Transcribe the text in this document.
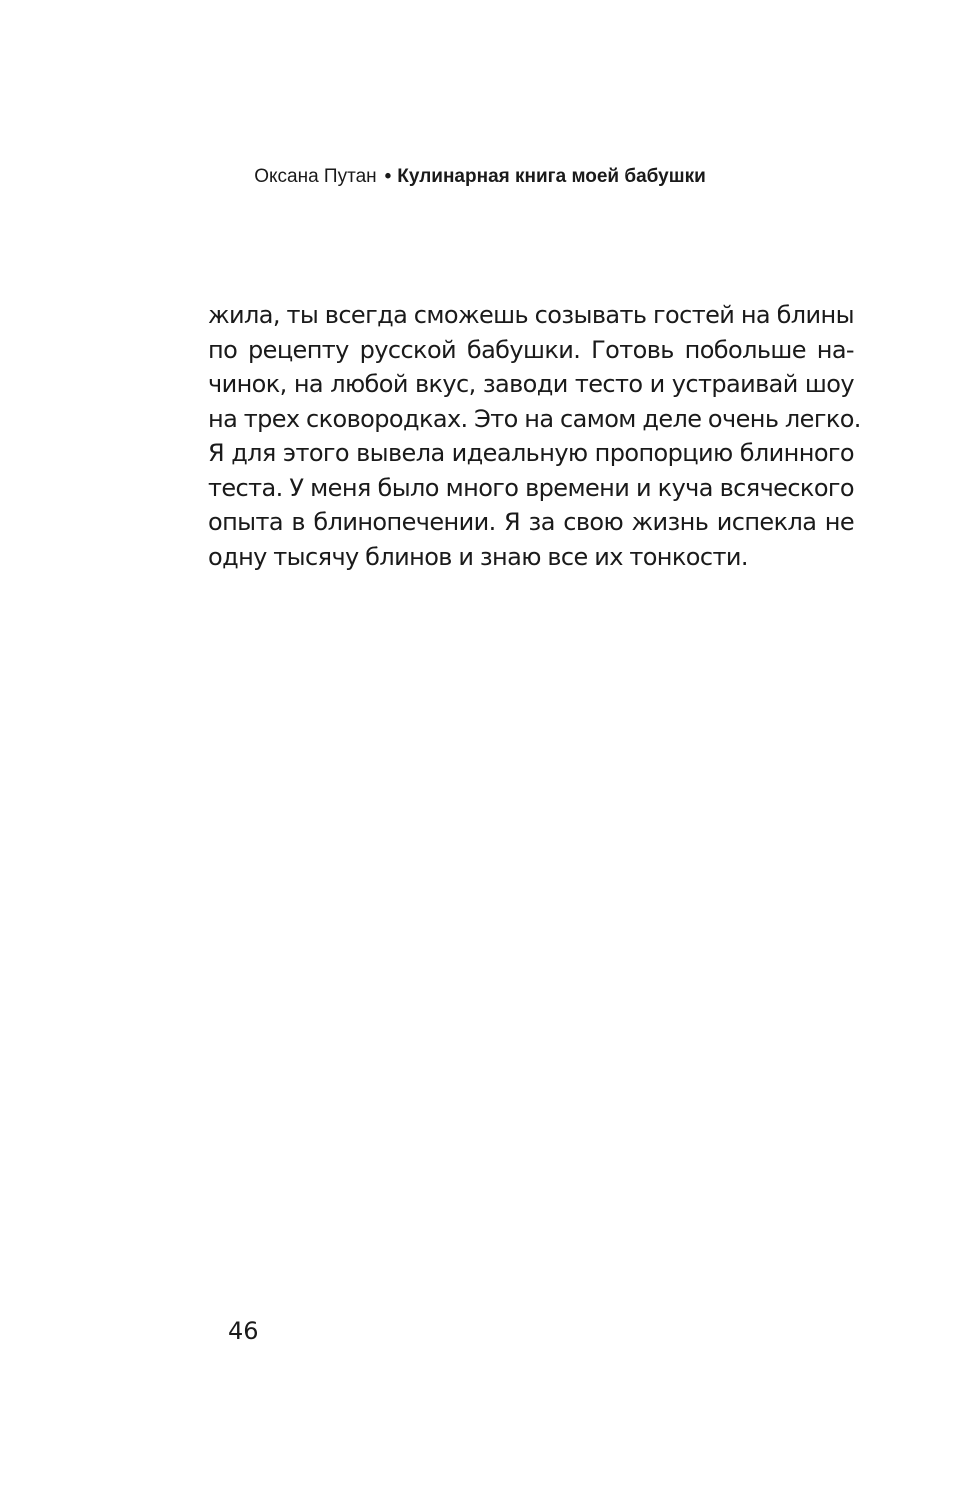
Оксана Путан • Кулинарная книга моей бабушки
жила, ты всегда сможешь созывать гостей на блины
по рецепту русской бабушки. Готовь побольше на-
чинок, на любой вкус, заводи тесто и устраивай шоу
на трех сковородках. Это на самом деле очень легко.
Я для этого вывела идеальную пропорцию блинного
теста. У меня было много времени и куча всяческого
опыта в блинопечении. Я за свою жизнь испекла не
одну тысячу блинов и знаю все их тонкости.
46
